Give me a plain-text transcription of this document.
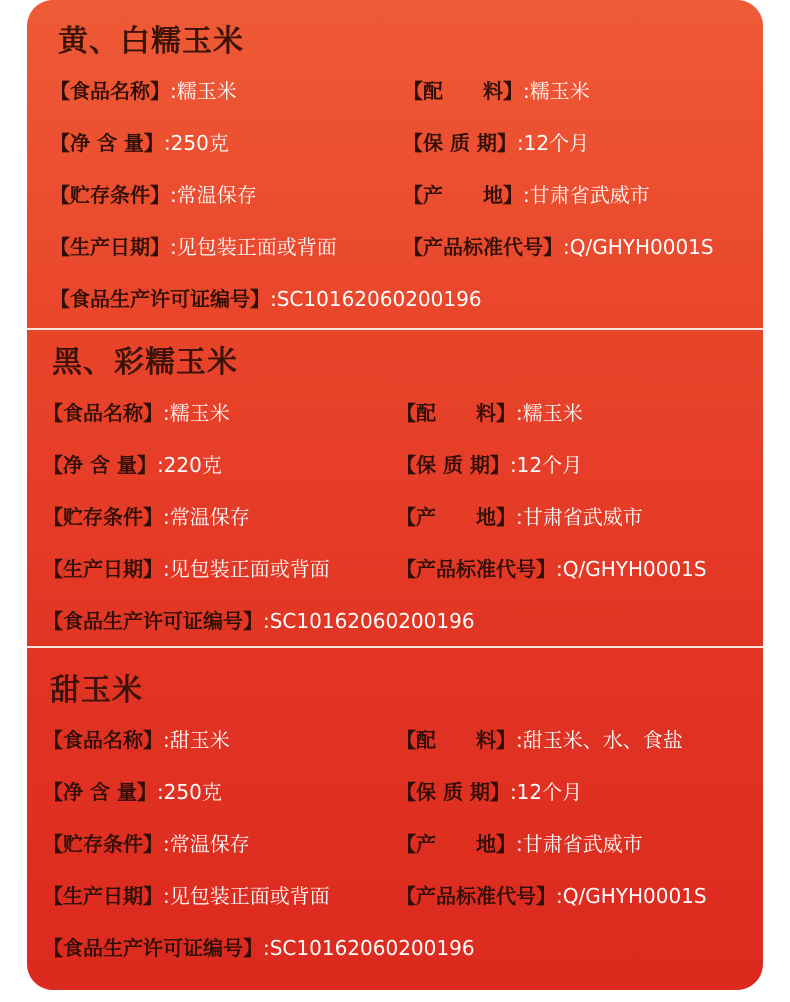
黄、白糯玉米
【食品名称】:糯玉米	【配　　料】:糯玉米
【净 含 量】:250克	【保 质 期】:12个月
【贮存条件】:常温保存	【产　　地】:甘肃省武威市
【生产日期】:见包装正面或背面	【产品标准代号】:Q/GHYH0001S
【食品生产许可证编号】:SC10162060200196
黑、彩糯玉米
【食品名称】:糯玉米	【配　　料】:糯玉米
【净 含 量】:220克	【保 质 期】:12个月
【贮存条件】:常温保存	【产　　地】:甘肃省武威市
【生产日期】:见包装正面或背面	【产品标准代号】:Q/GHYH0001S
【食品生产许可证编号】:SC10162060200196
甜玉米
【食品名称】:甜玉米	【配　　料】:甜玉米、水、食盐
【净 含 量】:250克	【保 质 期】:12个月
【贮存条件】:常温保存	【产　　地】:甘肃省武威市
【生产日期】:见包装正面或背面	【产品标准代号】:Q/GHYH0001S
【食品生产许可证编号】:SC10162060200196
